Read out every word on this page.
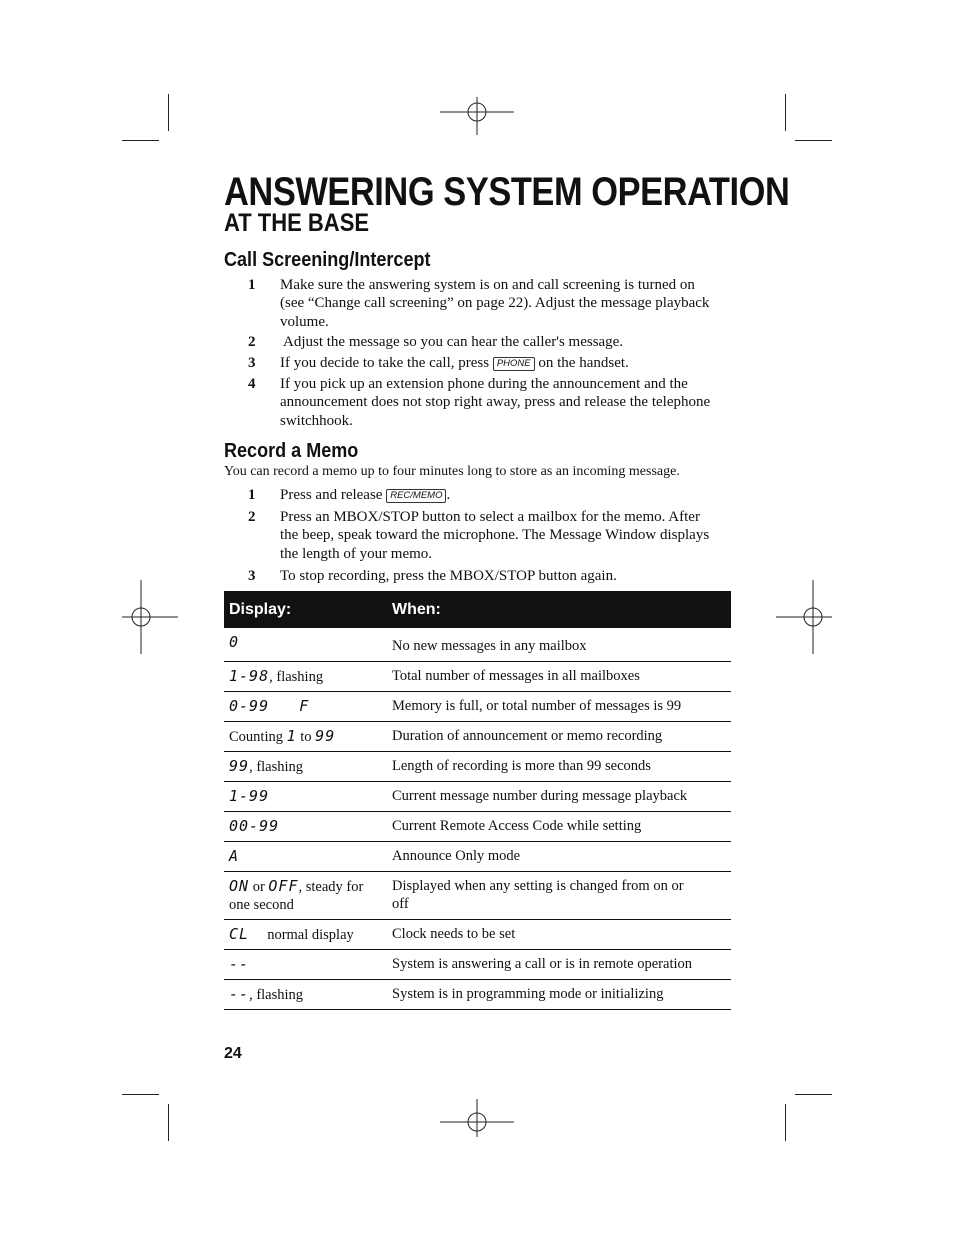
ANSWERING SYSTEM OPERATION
AT THE BASE
Call Screening/Intercept
1	Make sure the answering system is on and call screening is turned on (see “Change call screening” on page 22). Adjust the message playback volume.
2	Adjust the message so you can hear the caller's message.
3	If you decide to take the call, press PHONE on the handset.
4	If you pick up an extension phone during the announcement and the announcement does not stop right away, press and release the telephone switchhook.
Record a Memo
You can record a memo up to four minutes long to store as an incoming message.
1	Press and release REC/MEMO .
2	Press an MBOX/STOP button to select a mailbox for the memo. After the beep, speak toward the microphone. The Message Window displays the length of your memo.
3	To stop recording, press the MBOX/STOP button again.
Display:	When:
0	No new messages in any mailbox
1-98, flashing	Total number of messages in all mailboxes
0-99   F	Memory is full, or total number of messages is 99
Counting 1 to 99	Duration of announcement or memo recording
99, flashing	Length of recording is more than 99 seconds
1-99	Current message number during message playback
00-99	Current Remote Access Code while setting
A	Announce Only mode
ON or OFF, steady for one second	Displayed when any setting is changed from on or off
CL     normal display	Clock needs to be set
--	System is answering a call or is in remote operation
--, flashing	System is in programming mode or initializing
24
